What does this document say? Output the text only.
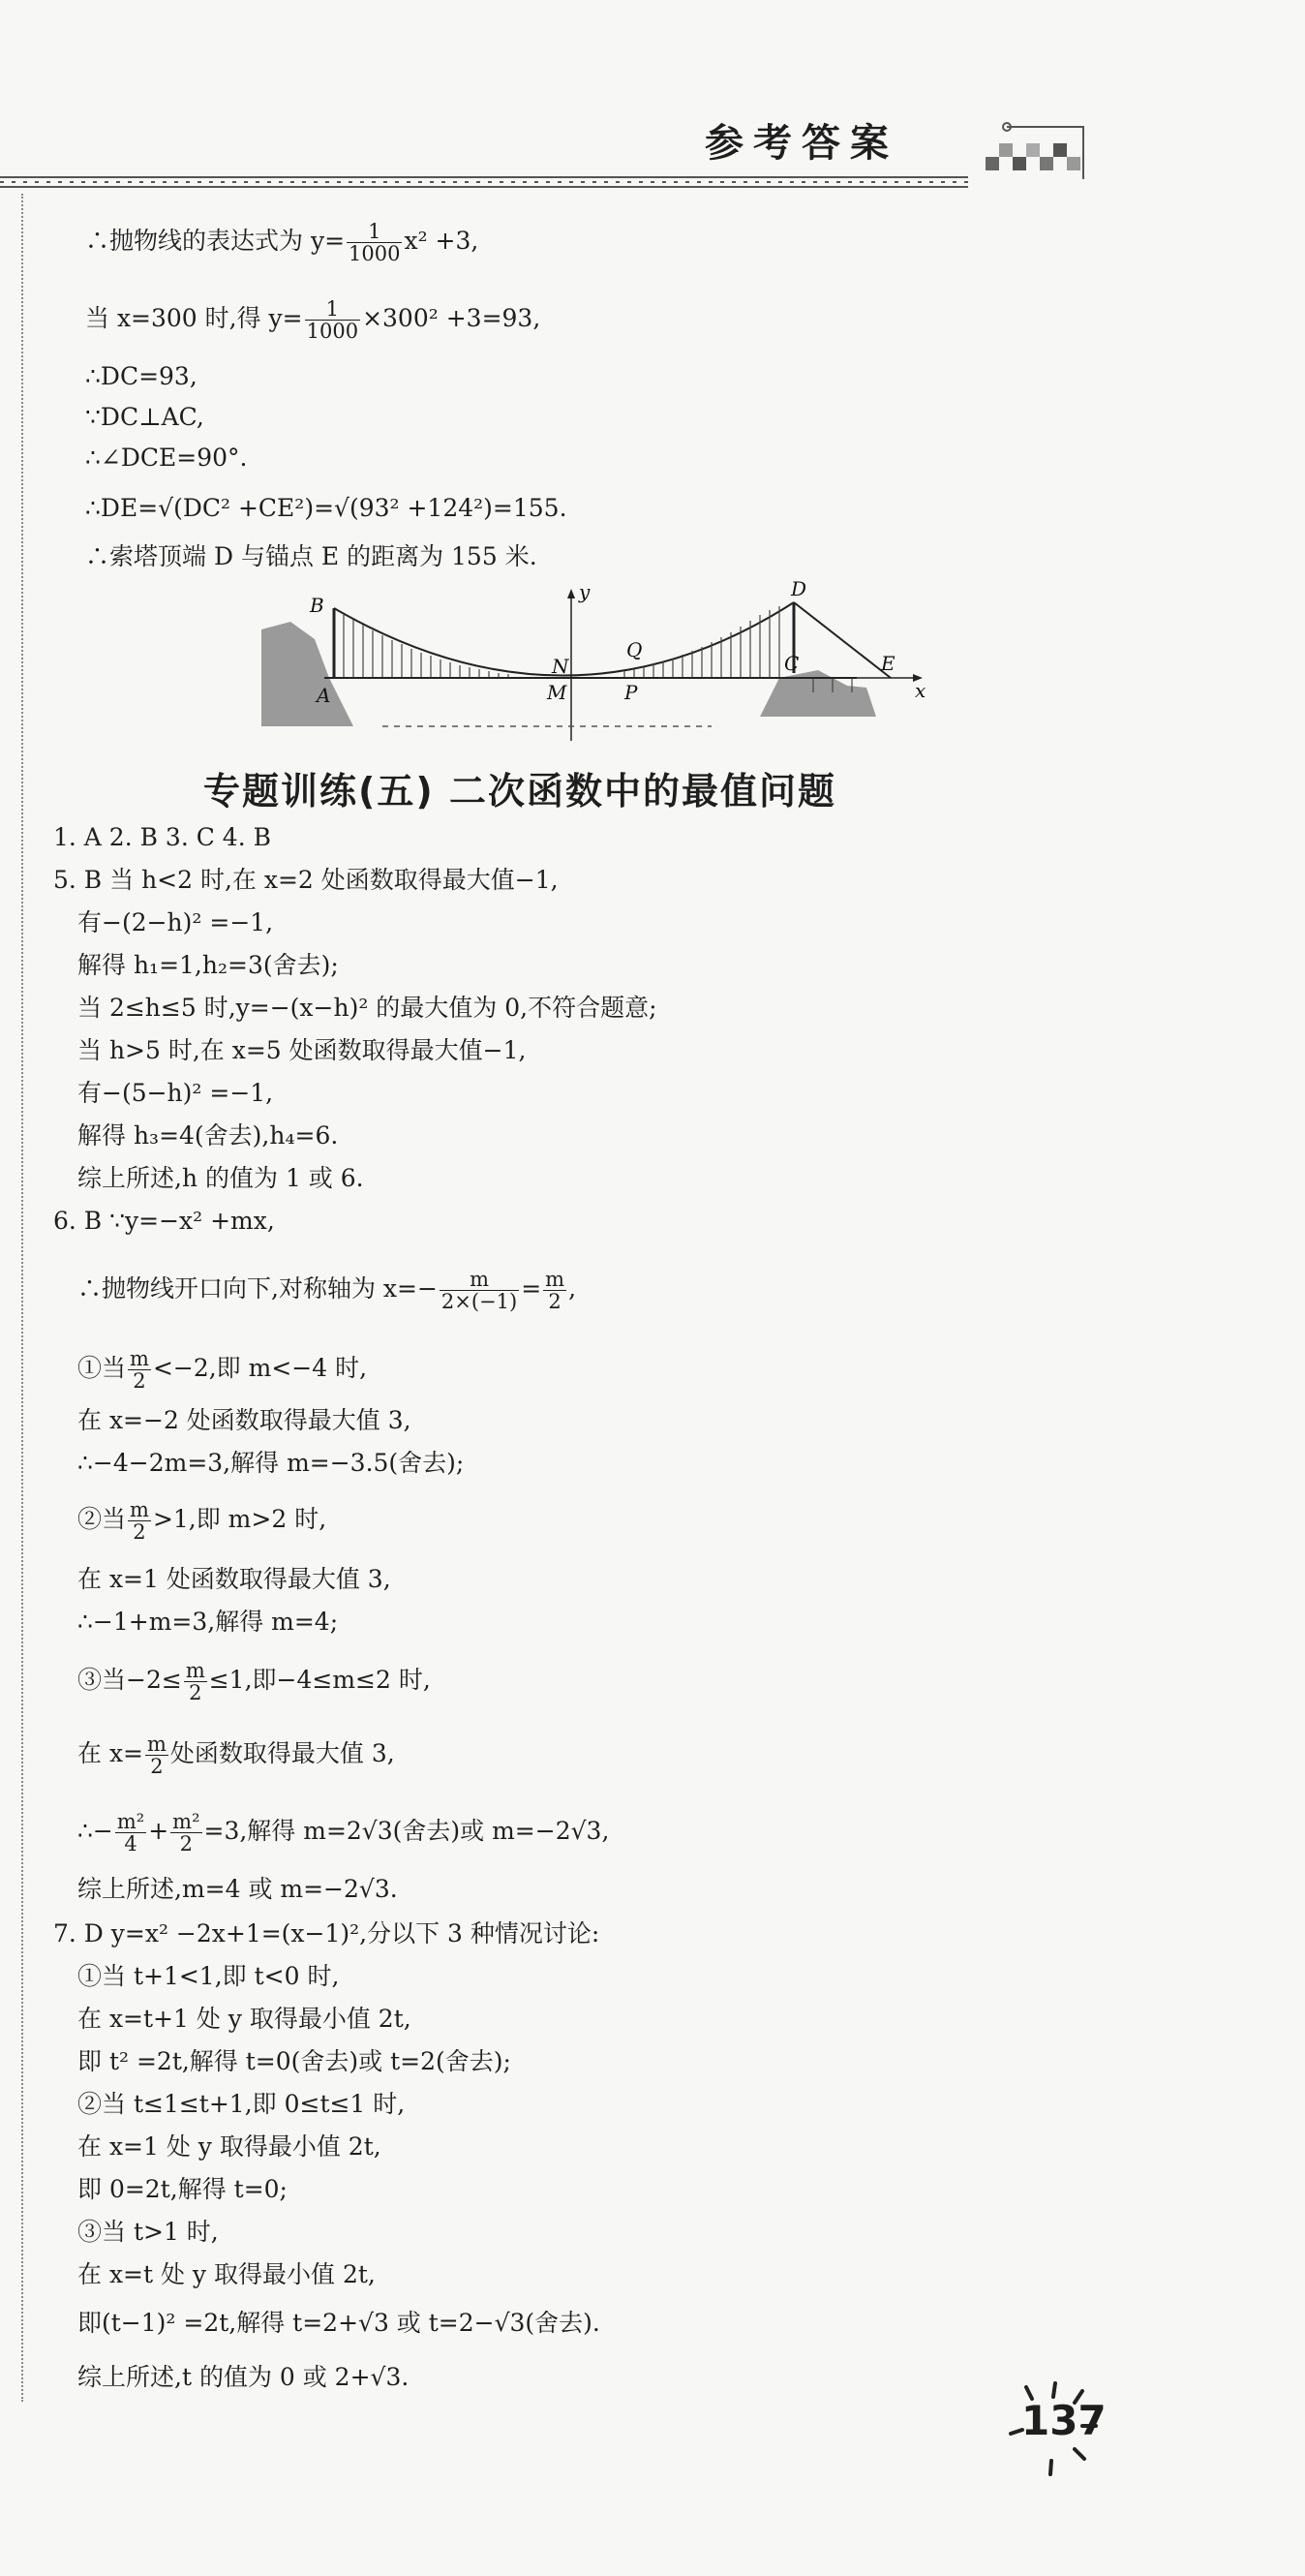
参考答案
∴抛物线的表达式为 $y= \frac{1}{1000} x^2 +3$,
当 x=300 时,得 $y= \frac{1}{1000} \times 300^2 +3=93$,
∴DC=93,
∵DC⊥AC,
∴∠DCE=90°.
∴DE=√(DC² +CE²)=√(93² +124²)=155.
∴索塔顶端 D 与锚点 E 的距离为 155 米.
B
A
D
C	E
N
M
Q
P
y
x
专题训练(五) 二次函数中的最值问题
1. A 2. B 3. C 4. B
5. B 当 h<2 时,在 x=2 处函数取得最大值−1,
有−(2−h)² =−1,
解得 h₁=1,h₂=3(舍去);
当 2≤h≤5 时,y=−(x−h)² 的最大值为 0,不符合题意;
当 h>5 时,在 x=5 处函数取得最大值−1,
有−(5−h)² =−1,
解得 h₃=4(舍去),h₄=6.
综上所述,h 的值为 1 或 6.
6. B ∵y=−x² +mx,
∴抛物线开口向下,对称轴为 $x=- \frac{m}{2\times(-1)} = \frac{m}{2}$ ,
①当 $\frac{m}{2} <-2$,即 m<−4 时,
在 x=−2 处函数取得最大值 3,
∴−4−2m=3,解得 m=−3.5(舍去);
②当 $\frac{m}{2} >1$,即 m>2 时,
在 x=1 处函数取得最大值 3,
∴−1+m=3,解得 m=4;
③当$-2\le \frac{m}{2} \le 1$,即−4≤m≤2 时,
在 $x= \frac{m}{2}$ 处函数取得最大值 3,
∴− $\frac{\text{m²}}{4} + \frac{\text{m²}}{2} =3$,解得 m=2√3(舍去)或 m=−2√3,
综上所述,m=4 或 m=−2√3.
7. D y=x² −2x+1=(x−1)²,分以下 3 种情况讨论:
①当 t+1<1,即 t<0 时,
在 x=t+1 处 y 取得最小值 2t,
即 t² =2t,解得 t=0(舍去)或 t=2(舍去);
②当 t≤1≤t+1,即 0≤t≤1 时,
在 x=1 处 y 取得最小值 2t,
即 0=2t,解得 t=0;
③当 t>1 时,
在 x=t 处 y 取得最小值 2t,
即(t−1)² =2t,解得 t=2+√3 或 t=2−√3(舍去).
综上所述,t 的值为 0 或 2+√3.
137
